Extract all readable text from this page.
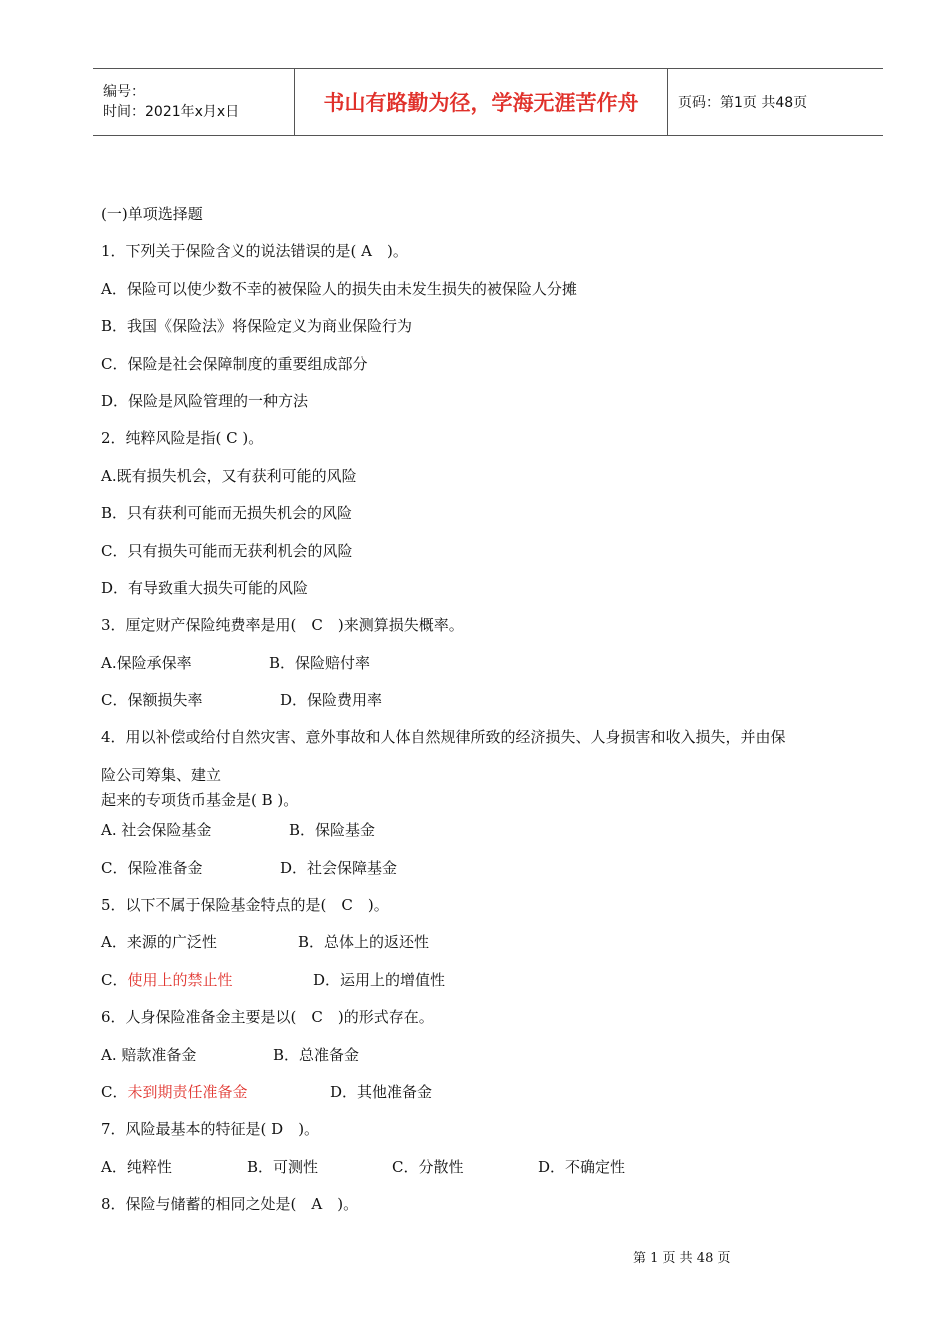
编号：
时间：2021年x月x日	书山有路勤为径，学海无涯苦作舟	页码：第1页 共48页
(一)单项选择题
1．下列关于保险含义的说法错误的是( A　)。
A．保险可以使少数不幸的被保险人的损失由未发生损失的被保险人分摊
B．我国《保险法》将保险定义为商业保险行为
C．保险是社会保障制度的重要组成部分
D．保险是风险管理的一种方法
2．纯粹风险是指( C )。
A.既有损失机会，又有获利可能的风险
B．只有获利可能而无损失机会的风险
C．只有损失可能而无获利机会的风险
D．有导致重大损失可能的风险
3．厘定财产保险纯费率是用(　C　)来测算损失概率。
A.保险承保率	B．保险赔付率
C．保额损失率	D．保险费用率
4．用以补偿或给付自然灾害、意外事故和人体自然规律所致的经济损失、人身损害和收入损失，并由保
险公司筹集、建立
起来的专项货币基金是( B )。
A. 社会保险基金	B．保险基金
C．保险准备金	D．社会保障基金
5．以下不属于保险基金特点的是(　C　)。
A．来源的广泛性	B．总体上的返还性
C．使用上的禁止性	D．运用上的增值性
6．人身保险准备金主要是以(　C　)的形式存在。
A. 赔款准备金	B．总准备金
C．未到期责任准备金	D．其他准备金
7．风险最基本的特征是( D　)。
A．纯粹性	B．可测性	C．分散性	D．不确定性
8．保险与储蓄的相同之处是(　A　)。
第 1 页 共 48 页
